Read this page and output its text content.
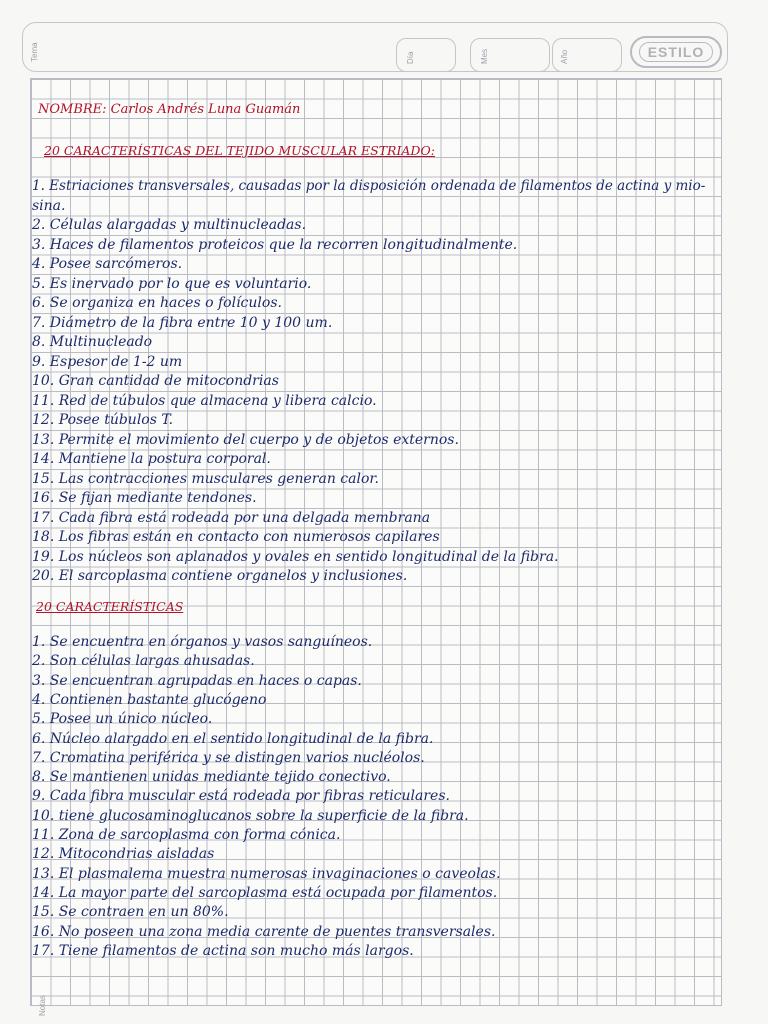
Tema	Día	Mes	Año	ESTILO
Notas
NOMBRE: Carlos Andrés Luna Guamán
20 CARACTERÍSTICAS DEL TEJIDO MUSCULAR ESTRIADO:
1. Estriaciones transversales, causadas por la disposición ordenada de filamentos de actina y mio-
sina.
2. Células alargadas y multinucleadas.
3. Haces de filamentos proteicos que la recorren longitudinalmente.
4. Posee sarcómeros.
5. Es inervado por lo que es voluntario.
6. Se organiza en haces o folículos.
7. Diámetro de la fibra entre 10 y 100 um.
8. Multinucleado
9. Espesor de 1-2 um
10. Gran cantidad de mitocondrias
11. Red de túbulos que almacena y libera calcio.
12. Posee túbulos T.
13. Permite el movimiento del cuerpo y de objetos externos.
14. Mantiene la postura corporal.
15. Las contracciones musculares generan calor.
16. Se fijan mediante tendones.
17. Cada fibra está rodeada por una delgada membrana
18. Los fibras están en contacto con numerosos capilares
19. Los núcleos son aplanados y ovales en sentido longitudinal de la fibra.
20. El sarcoplasma contiene organelos y inclusiones.
20 CARACTERÍSTICAS
1. Se encuentra en órganos y vasos sanguíneos.
2. Son células largas ahusadas.
3. Se encuentran agrupadas en haces o capas.
4. Contienen bastante glucógeno
5. Posee un único núcleo.
6. Núcleo alargado en el sentido longitudinal de la fibra.
7. Cromatina periférica y se distingen varios nucléolos.
8. Se mantienen unidas mediante tejido conectivo.
9. Cada fibra muscular está rodeada por fibras reticulares.
10. tiene glucosaminoglucanos sobre la superficie de la fibra.
11. Zona de sarcoplasma con forma cónica.
12. Mitocondrias aisladas
13. El plasmalema muestra numerosas invaginaciones o caveolas.
14. La mayor parte del sarcoplasma está ocupada por filamentos.
15. Se contraen en un 80%.
16. No poseen una zona media carente de puentes transversales.
17. Tiene filamentos de actina son mucho más largos.
